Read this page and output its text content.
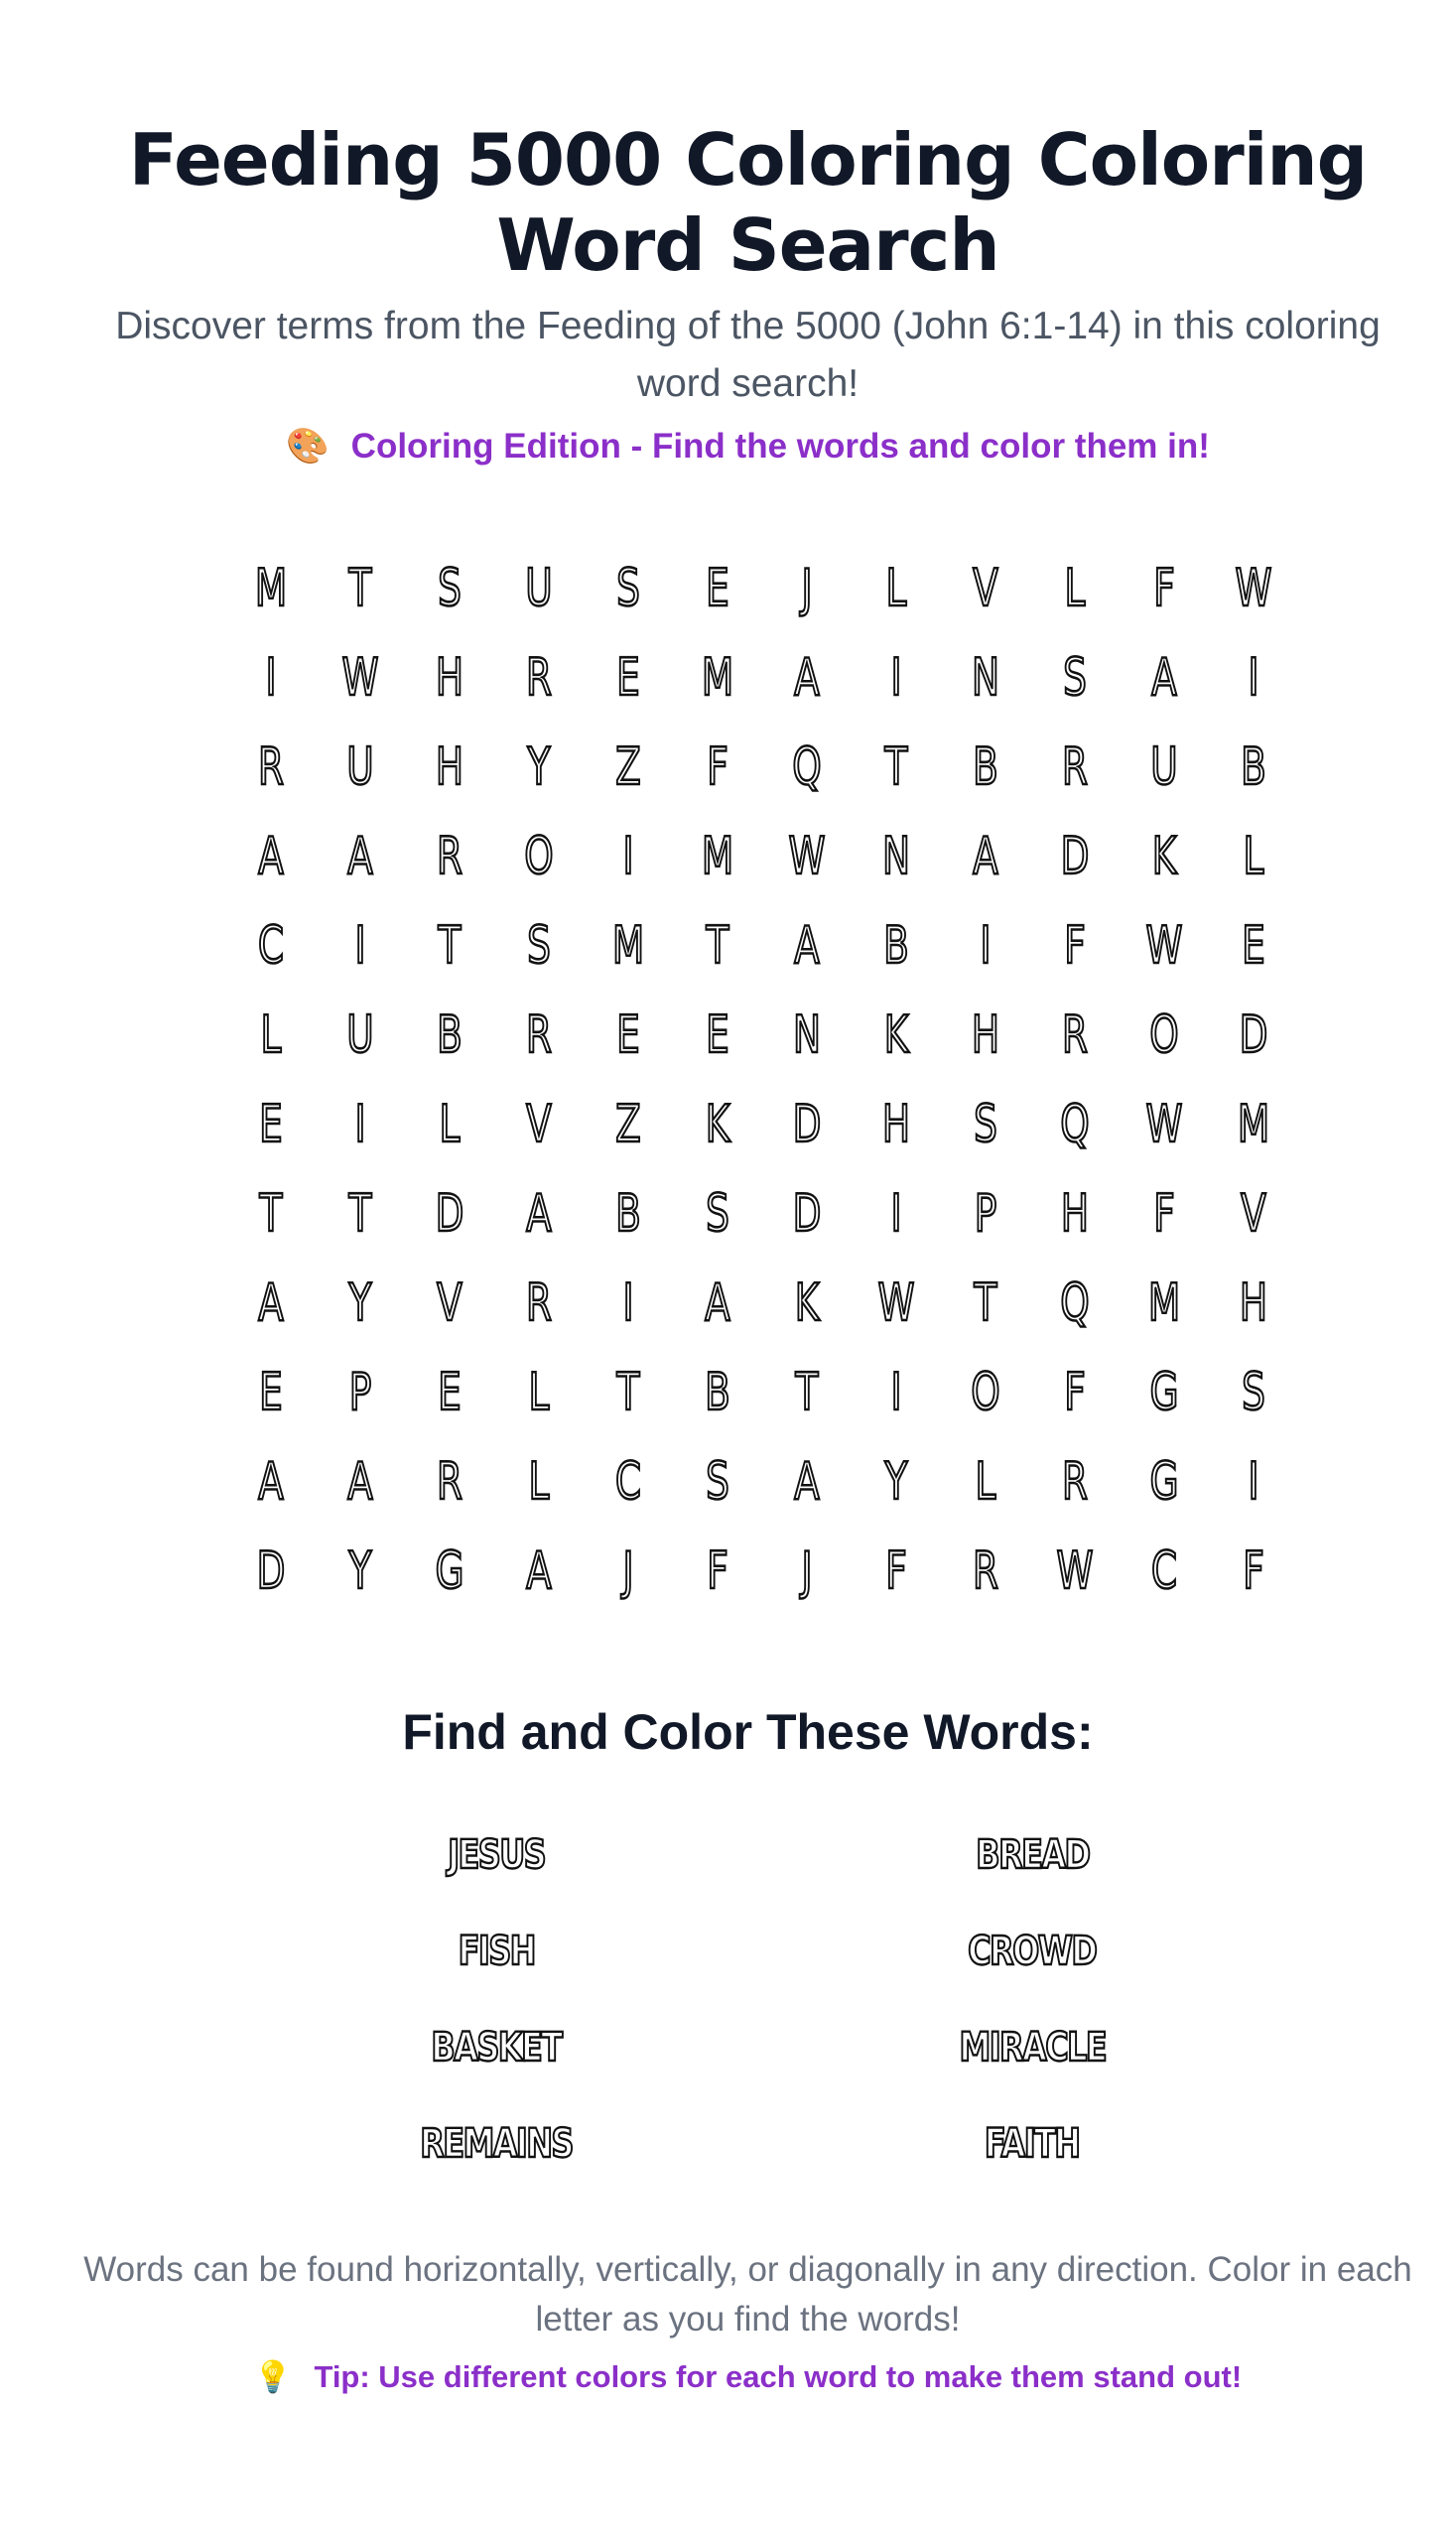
Feeding 5000 Coloring Coloring Word Search

Discover terms from the Feeding of the 5000 (John 6:1-14) in this coloring word search!

🎨 Coloring Edition - Find the words and color them in!
M	T	S	U	S	E	J	L	V	L	F	W
I	W	H	R	E	M	A	I	N	S	A	I
R	U	H	Y	Z	F	Q	T	B	R	U	B
A	A	R	O	I	M	W	N	A	D	K	L
C	I	T	S	M	T	A	B	I	F	W	E
L	U	B	R	E	E	N	K	H	R	O	D
E	I	L	V	Z	K	D	H	S	Q	W	M
T	T	D	A	B	S	D	I	P	H	F	V
A	Y	V	R	I	A	K	W	T	Q	M	H
E	P	E	L	T	B	T	I	O	F	G	S
A	A	R	L	C	S	A	Y	L	R	G	I
D	Y	G	A	J	F	J	F	R	W	C	F
Find and Color These Words:
JESUS	BREAD
FISH	CROWD
BASKET	MIRACLE
REMAINS	FAITH

Words can be found horizontally, vertically, or diagonally in any direction. Color in each letter as you find the words!

💡 Tip: Use different colors for each word to make them stand out!
